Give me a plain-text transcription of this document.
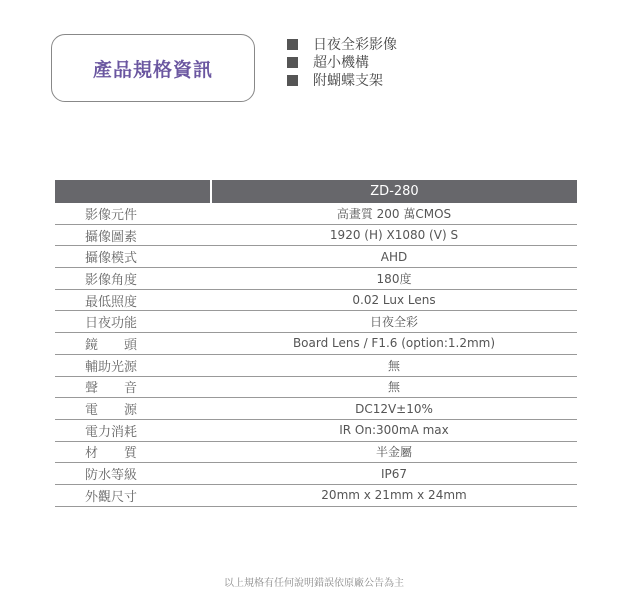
產品規格資訊
日夜全彩影像
超小機構
附蝴蝶支架
	ZD-280
影像元件	高畫質 200 萬CMOS
攝像圖素	1920 (H) X1080 (V) S
攝像模式	AHD
影像角度	180度
最低照度	0.02 Lux Lens
日夜功能	日夜全彩
鏡　　頭	Board Lens / F1.6 (option:1.2mm)
輔助光源	無
聲　　音	無
電　　源	DC12V±10%
電力消耗	IR On:300mA max
材　　質	半金屬
防水等級	IP67
外觀尺寸	20mm x 21mm x 24mm
以上規格有任何說明錯誤依原廠公告為主
